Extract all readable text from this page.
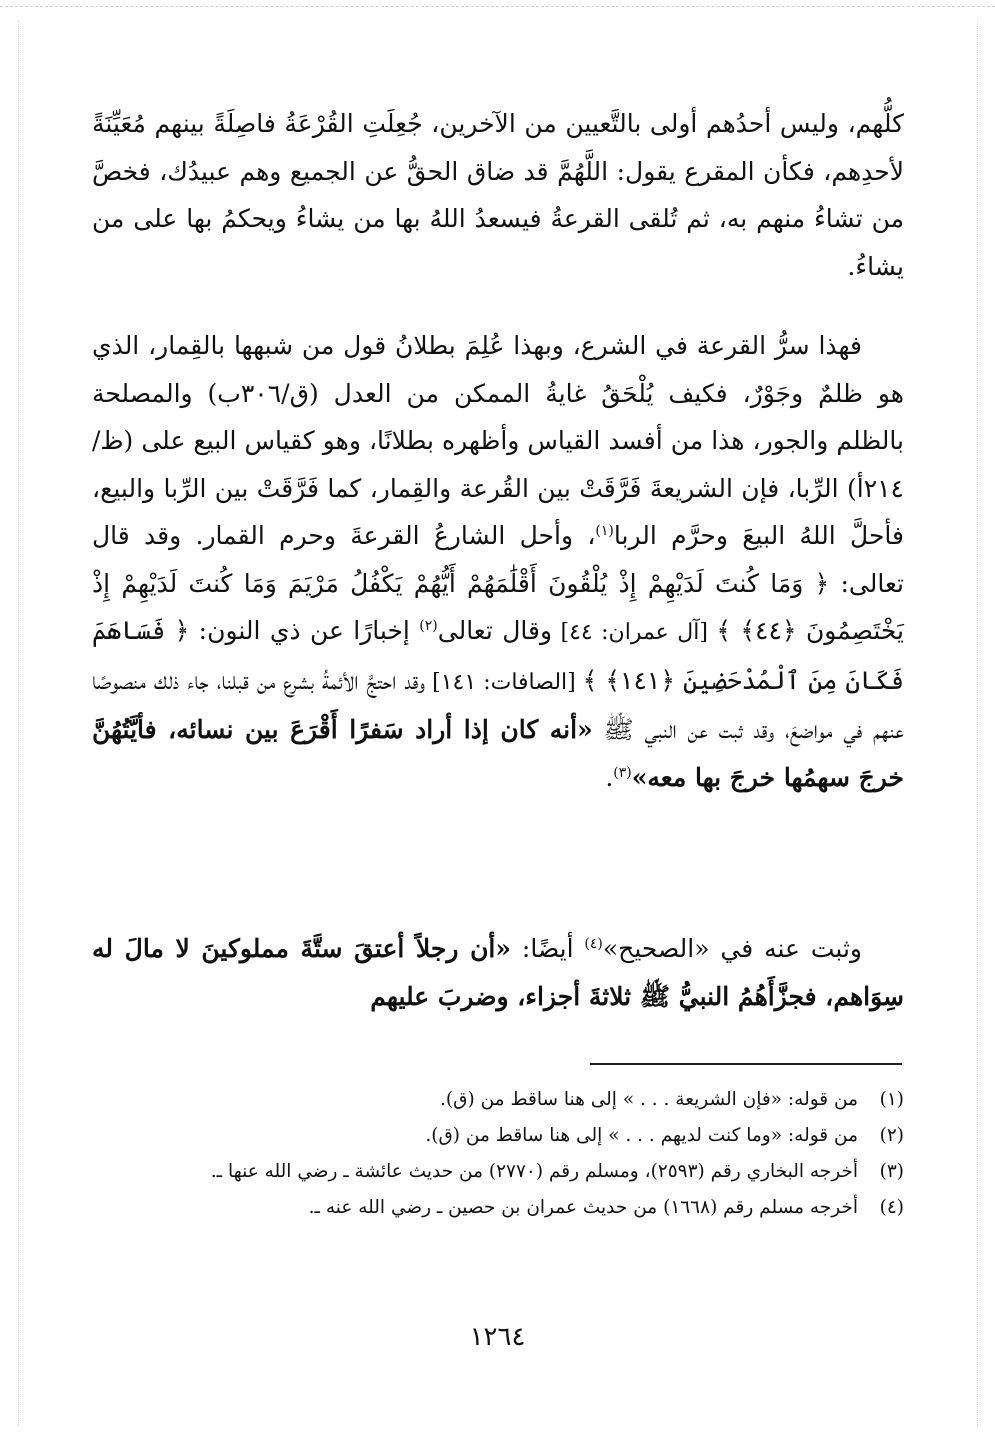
كلُّهم، وليس أحدُهم أولى بالتَّعيين من الآخرين، جُعِلَتِ القُرْعَةُ فاصِلَةً بينهم مُعَيِّنَةً لأحدِهم، فكأن المقرع يقول: اللَّهُمَّ قد ضاق الحقُّ عن الجميع وهم عبيدُك، فخصَّ من تشاءُ منهم به، ثم تُلقى القرعةُ فيسعدُ اللهُ بها من يشاءُ ويحكمُ بها على من يشاءُ.

فهذا سرُّ القرعة في الشرع، وبهذا عُلِمَ بطلانُ قول من شبهها بالقِمار، الذي هو ظلمٌ وجَوْرٌ، فكيف يُلْحَقُ غايةُ الممكن من العدل (ق/٣٠٦ب) والمصلحة بالظلم والجور، هذا من أفسد القياس وأظهره بطلانًا، وهو كقياس البيع على (ظ/٢١٤أ) الرِّبا، فإن الشريعةَ فَرَّقَتْ بين القُرعة والقِمار، كما فَرَّقَتْ بين الرِّبا والبيع، فأحلَّ اللهُ البيعَ وحرَّم الربا$^{(١)}$، وأحل الشارعُ القرعةَ وحرم القمار. وقد قال تعالى: ﴿ وَمَا كُنتَ لَدَيْهِمْ إِذْ يُلْقُونَ أَقْلَٰمَهُمْ أَيُّهُمْ يَكْفُلُ مَرْيَمَ وَمَا كُنتَ لَدَيْهِمْ إِذْ يَخْتَصِمُونَ ﴿٤٤﴾ ﴾ [آل عمران: ٤٤] وقال تعالى$^{(٢)}$ إخبارًا عن ذي النون: ﴿ فَسَاهَمَ فَكَانَ مِنَ ٱلْمُدْحَضِينَ ﴿١٤١﴾ ﴾ [الصافات: ١٤١] وقد احتجَّ الأئمةُ بشرع من قبلنا، جاء ذلك منصوصًا عنهم في مواضعَ، وقد ثبت عن النبي ﷺ «أنه كان إذا أراد سَفرًا أَقْرَعَ بين نسائه، فأيَّتُهُنَّ خرجَ سهمُها خرجَ بها معه»$^{(٣)}$.

وثبت عنه في «الصحيح»$^{(٤)}$ أيضًا: «أن رجلاً أعتقَ ستَّةَ مملوكينَ لا مالَ له سِوَاهم، فجزَّأَهُمُ النبيُّ ﷺ ثلاثةَ أجزاء، وضربَ عليهم

(١)
من قوله: «فإن الشريعة . . . » إلى هنا ساقط من (ق).
(٢)
من قوله: «وما كنت لديهم . . . » إلى هنا ساقط من (ق).
(٣)
أخرجه البخاري رقم (٢٥٩٣)، ومسلم رقم (٢٧٧٠) من حديث عائشة ـ رضي الله عنها ـ.
(٤)
أخرجه مسلم رقم (١٦٦٨) من حديث عمران بن حصين ـ رضي الله عنه ـ.
١٢٦٤
